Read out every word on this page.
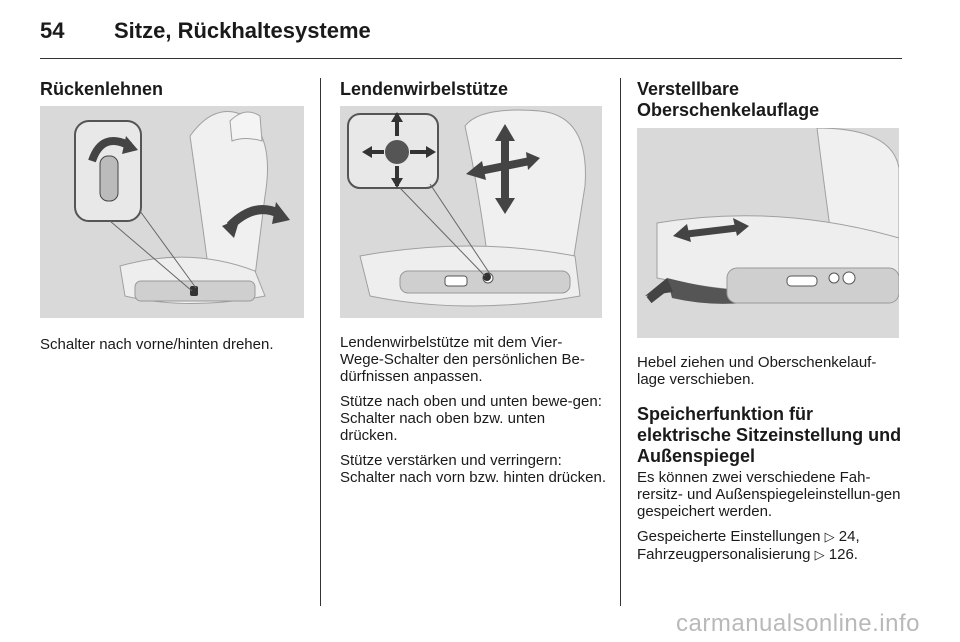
54 Sitze, Rückhaltesysteme
Rückenlehnen

Schalter nach vorne/hinten drehen.

Lendenwirbelstütze

Lendenwirbelstütze mit dem Vier-Wege-Schalter den persönlichen Be-dürfnissen anpassen.

Stütze nach oben und unten bewe-gen: Schalter nach oben bzw. unten drücken.

Stütze verstärken und verringern: Schalter nach vorn bzw. hinten drücken.

Verstellbare
Oberschenkelauflage

Hebel ziehen und Oberschenkelauf-lage verschieben.

Speicherfunktion für elektrische Sitzeinstellung und Außenspiegel

Es können zwei verschiedene Fah-rersitz- und Außenspiegeleinstellun-gen gespeichert werden.

Gespeicherte Einstellungen ▷ 24,
Fahrzeugpersonalisierung ▷ 126.

carmanualsonline.info
